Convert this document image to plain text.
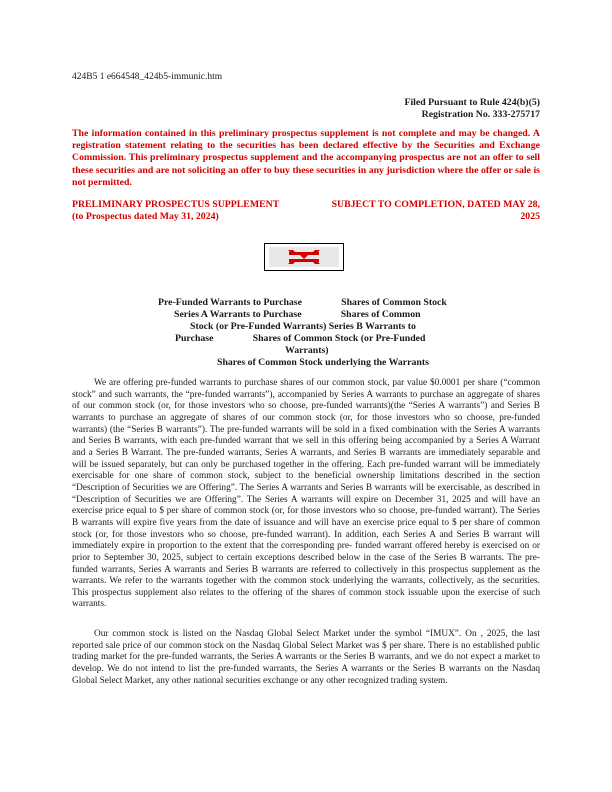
424B5 1 e664548_424b5-immunic.htm
Filed Pursuant to Rule 424(b)(5)
Registration No. 333-275717
The information contained in this preliminary prospectus supplement is not complete and may be changed. A registration statement relating to the securities has been declared effective by the Securities and Exchange Commission. This preliminary prospectus supplement and the accompanying prospectus are not an offer to sell these securities and are not soliciting an offer to buy these securities in any jurisdiction where the offer or sale is not permitted.
PRELIMINARY PROSPECTUS SUPPLEMENT
(to Prospectus dated May 31, 2024)
SUBJECT TO COMPLETION, DATED MAY 28,
2025
Pre-Funded Warrants to Purchase                Shares of Common Stock
Series A Warrants to Purchase                Shares of Common
Stock (or Pre-Funded Warrants) Series B Warrants to
Purchase                Shares of Common Stock (or Pre-Funded
Warrants)
Shares of Common Stock underlying the Warrants
We are offering pre-funded warrants to purchase shares of our common stock, par value $0.0001 per share (“common stock” and such warrants, the “pre-funded warrants”), accompanied by Series A warrants to purchase an aggregate of shares of our common stock (or, for those investors who so choose, pre-funded warrants)(the “Series A warrants”) and Series B warrants to purchase an aggregate of shares of our common stock (or, for those investors who so choose, pre-funded warrants) (the “Series B warrants”). The pre-funded warrants will be sold in a fixed combination with the Series A warrants and Series B warrants, with each pre-funded warrant that we sell in this offering being accompanied by a Series A Warrant and a Series B Warrant. The pre-funded warrants, Series A warrants, and Series B warrants are immediately separable and will be issued separately, but can only be purchased together in the offering. Each pre-funded warrant will be immediately exercisable for one share of common stock, subject to the beneficial ownership limitations described in the section “Description of Securities we are Offering”. The Series A warrants and Series B warrants will be exercisable, as described in “Description of Securities we are Offering”. The Series A warrants will expire on December 31, 2025 and will have an exercise price equal to $ per share of common stock (or, for those investors who so choose, pre-funded warrant). The Series B warrants will expire five years from the date of issuance and will have an exercise price equal to $ per share of common stock (or, for those investors who so choose, pre-funded warrant). In addition, each Series A and Series B warrant will immediately expire in proportion to the extent that the corresponding pre- funded warrant offered hereby is exercised on or prior to September 30, 2025, subject to certain exceptions described below in the case of the Series B warrants. The pre- funded warrants, Series A warrants and Series B warrants are referred to collectively in this prospectus supplement as the warrants. We refer to the warrants together with the common stock underlying the warrants, collectively, as the securities. This prospectus supplement also relates to the offering of the shares of common stock issuable upon the exercise of such warrants.
Our common stock is listed on the Nasdaq Global Select Market under the symbol “IMUX”. On , 2025, the last reported sale price of our common stock on the Nasdaq Global Select Market was $ per share. There is no established public trading market for the pre-funded warrants, the Series A warrants or the Series B warrants, and we do not expect a market to develop. We do not intend to list the pre-funded warrants, the Series A warrants or the Series B warrants on the Nasdaq Global Select Market, any other national securities exchange or any other recognized trading system.
